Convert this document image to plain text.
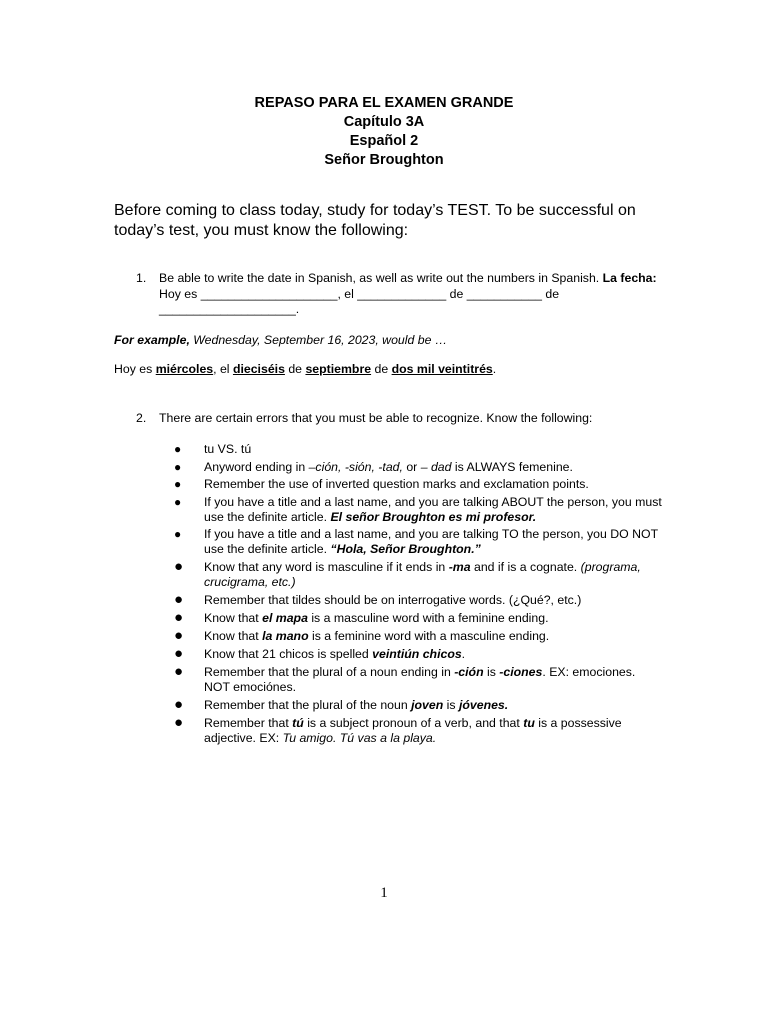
REPASO PARA EL EXAMEN GRANDE
Capítulo 3A
Español 2
Señor Broughton
Before coming to class today, study for today’s TEST. To be successful on today’s test, you must know the following:
1. Be able to write the date in Spanish, as well as write out the numbers in Spanish. La fecha: Hoy es ____________________, el _____________ de ___________ de ____________________.
For example, Wednesday, September 16, 2023, would be …
Hoy es miércoles, el dieciséis de septiembre de dos mil veintitrés.
2. There are certain errors that you must be able to recognize. Know the following:
● tu VS. tú
● Anyword ending in –ción, -sión, -tad, or – dad is ALWAYS femenine.
● Remember the use of inverted question marks and exclamation points.
● If you have a title and a last name, and you are talking ABOUT the person, you must use the definite article. El señor Broughton es mi profesor.
● If you have a title and a last name, and you are talking TO the person, you DO NOT use the definite article. “Hola, Señor Broughton.”
● Know that any word is masculine if it ends in -ma and if is a cognate. (programa, crucigrama, etc.)
● Remember that tildes should be on interrogative words. (¿Qué?, etc.)
● Know that el mapa is a masculine word with a feminine ending.
● Know that la mano is a feminine word with a masculine ending.
● Know that 21 chicos is spelled veintiún chicos.
● Remember that the plural of a noun ending in -ción is -ciones. EX: emociones. NOT emociónes.
● Remember that the plural of the noun joven is jóvenes.
● Remember that tú is a subject pronoun of a verb, and that tu is a possessive adjective. EX: Tu amigo. Tú vas a la playa.
1
